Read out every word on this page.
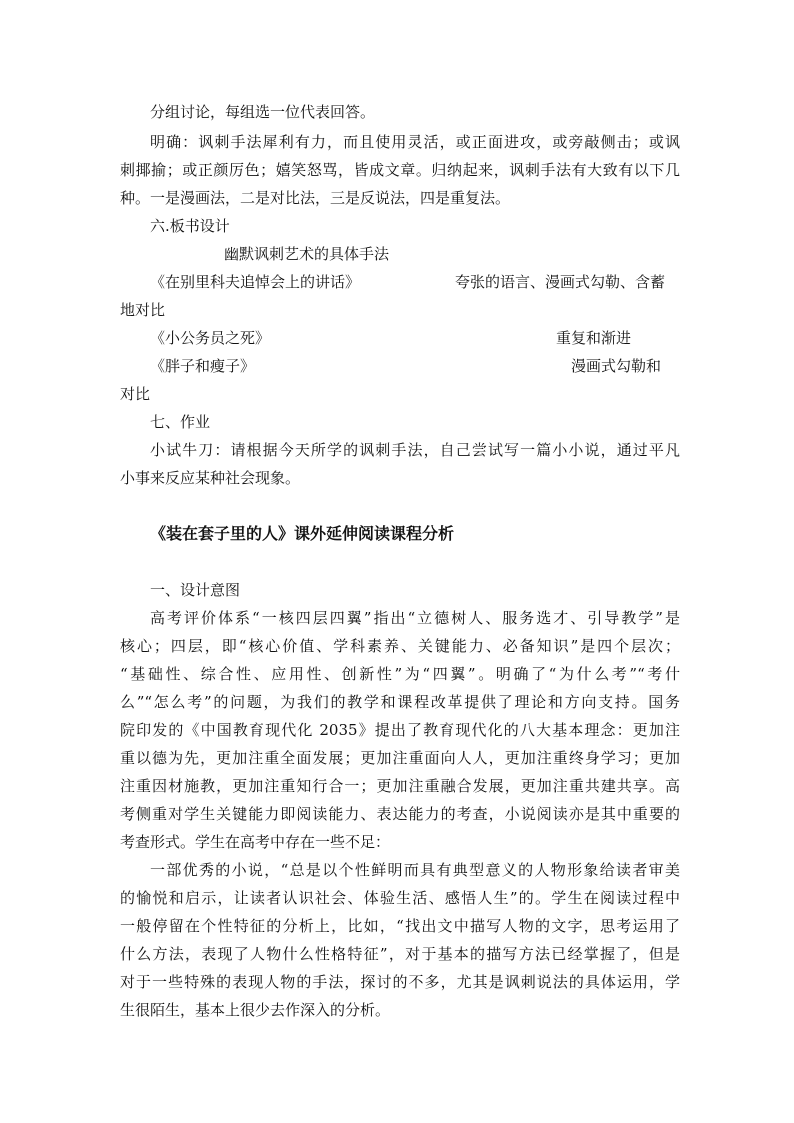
分组讨论，每组选一位代表回答。
明确：讽刺手法犀利有力，而且使用灵活，或正面进攻，或旁敲侧击；或讽
刺揶揄；或正颜厉色；嬉笑怒骂，皆成文章。归纳起来，讽刺手法有大致有以下几
种。一是漫画法，二是对比法，三是反说法，四是重复法。
六.板书设计
幽默讽刺艺术的具体手法
《在别里科夫追悼会上的讲话》	夸张的语言、漫画式勾勒、含蓄
地对比
《小公务员之死》	重复和渐进
《胖子和瘦子》	漫画式勾勒和
对比
七、作业
小试牛刀：请根据今天所学的讽刺手法，自己尝试写一篇小小说，通过平凡
小事来反应某种社会现象。
《装在套子里的人》课外延伸阅读课程分析
一、设计意图
高考评价体系“一核四层四翼”指出“立德树人、服务选才、引导教学”是
核心；四层，即“核心价值、学科素养、关键能力、必备知识”是四个层次；
“基础性、综合性、应用性、创新性”为“四翼”。明确了“为什么考”“考什
么”“怎么考”的问题，为我们的教学和课程改革提供了理论和方向支持。国务
院印发的《中国教育现代化 2035》提出了教育现代化的八大基本理念：更加注
重以德为先，更加注重全面发展；更加注重面向人人，更加注重终身学习；更加
注重因材施教，更加注重知行合一；更加注重融合发展，更加注重共建共享。高
考侧重对学生关键能力即阅读能力、表达能力的考查，小说阅读亦是其中重要的
考查形式。学生在高考中存在一些不足：
一部优秀的小说，“总是以个性鲜明而具有典型意义的人物形象给读者审美
的愉悦和启示，让读者认识社会、体验生活、感悟人生”的。学生在阅读过程中
一般停留在个性特征的分析上，比如，“找出文中描写人物的文字，思考运用了
什么方法，表现了人物什么性格特征”，对于基本的描写方法已经掌握了，但是
对于一些特殊的表现人物的手法，探讨的不多，尤其是讽刺说法的具体运用，学
生很陌生，基本上很少去作深入的分析。
